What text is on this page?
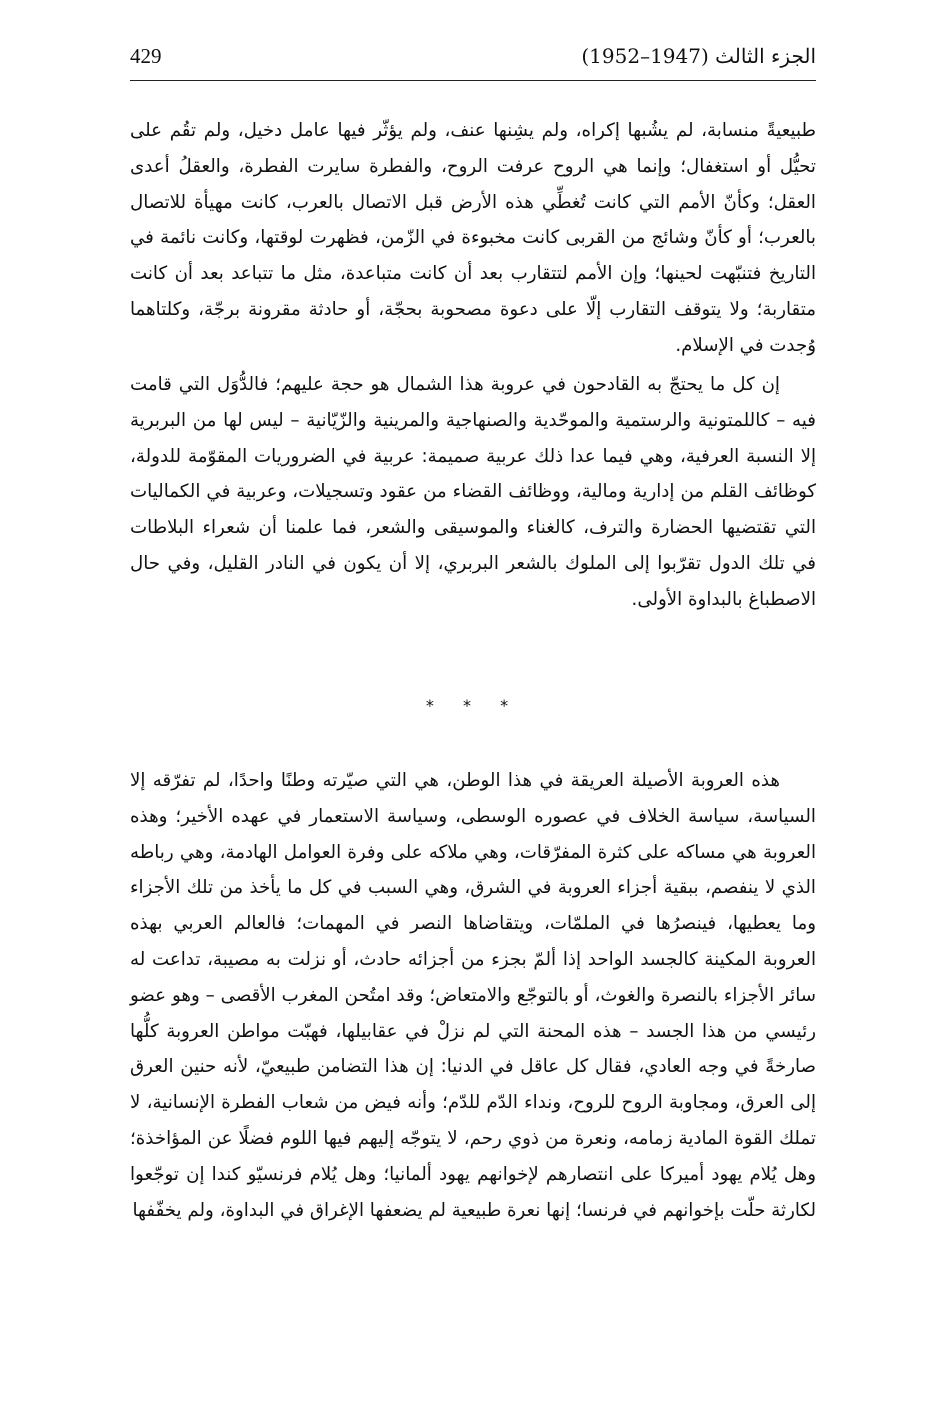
429	الجزء الثالث (1947–1952)

طبيعيةً منسابة، لم يشُبها إكراه، ولم يشِنها عنف، ولم يؤثّر فيها عامل دخيل، ولم تقُم على تحيُّل أو استغفال؛ وإنما هي الروح عرفت الروح، والفطرة سايرت الفطرة، والعقلُ أعدى العقل؛ وكأنّ الأمم التي كانت تُغطِّي هذه الأرض قبل الاتصال بالعرب، كانت مهيأة للاتصال بالعرب؛ أو كأنّ وشائج من القربى كانت مخبوءة في الزّمن، فظهرت لوقتها، وكانت نائمة في التاريخ فتنبّهت لحينها؛ وإن الأمم لتتقارب بعد أن كانت متباعدة، مثل ما تتباعد بعد أن كانت متقاربة؛ ولا يتوقف التقارب إلّا على دعوة مصحوبة بحجّة، أو حادثة مقرونة برجّة، وكلتاهما وُجدت في الإسلام.

إن كل ما يحتجّ به القادحون في عروبة هذا الشمال هو حجة عليهم؛ فالدُّوَل التي قامت فيه – كاللمتونية والرستمية والموحّدية والصنهاجية والمرينية والزّيّانية – ليس لها من البربرية إلا النسبة العرفية، وهي فيما عدا ذلك عربية صميمة: عربية في الضروريات المقوّمة للدولة، كوظائف القلم من إدارية ومالية، ووظائف القضاء من عقود وتسجيلات، وعربية في الكماليات التي تقتضيها الحضارة والترف، كالغناء والموسيقى والشعر، فما علمنا أن شعراء البلاطات في تلك الدول تقرّبوا إلى الملوك بالشعر البربري، إلا أن يكون في النادر القليل، وفي حال الاصطباغ بالبداوة الأولى.

* * *

هذه العروبة الأصيلة العريقة في هذا الوطن، هي التي صيّرته وطنًا واحدًا، لم تفرّقه إلا السياسة، سياسة الخلاف في عصوره الوسطى، وسياسة الاستعمار في عهده الأخير؛ وهذه العروبة هي مساكه على كثرة المفرّقات، وهي ملاكه على وفرة العوامل الهادمة، وهي رباطه الذي لا ينفصم، ببقية أجزاء العروبة في الشرق، وهي السبب في كل ما يأخذ من تلك الأجزاء وما يعطيها، فينصرُها في الملمّات، ويتقاضاها النصر في المهمات؛ فالعالم العربي بهذه العروبة المكينة كالجسد الواحد إذا ألمّ بجزء من أجزائه حادث، أو نزلت به مصيبة، تداعت له سائر الأجزاء بالنصرة والغوث، أو بالتوجّع والامتعاض؛ وقد امتُحن المغرب الأقصى – وهو عضو رئيسي من هذا الجسد – هذه المحنة التي لم نزلْ في عقابيلها، فهبّت مواطن العروبة كلُّها صارخةً في وجه العادي، فقال كل عاقل في الدنيا: إن هذا التضامن طبيعيّ، لأنه حنين العرق إلى العرق، ومجاوبة الروح للروح، ونداء الدّم للدّم؛ وأنه فيض من شعاب الفطرة الإنسانية، لا تملك القوة المادية زمامه، ونعرة من ذوي رحم، لا يتوجّه إليهم فيها اللوم فضلًا عن المؤاخذة؛ وهل يُلام يهود أميركا على انتصارهم لإخوانهم يهود ألمانيا؛ وهل يُلام فرنسيّو كندا إن توجّعوا لكارثة حلّت بإخوانهم في فرنسا؛ إنها نعرة طبيعية لم يضعفها الإغراق في البداوة، ولم يخفّفها
